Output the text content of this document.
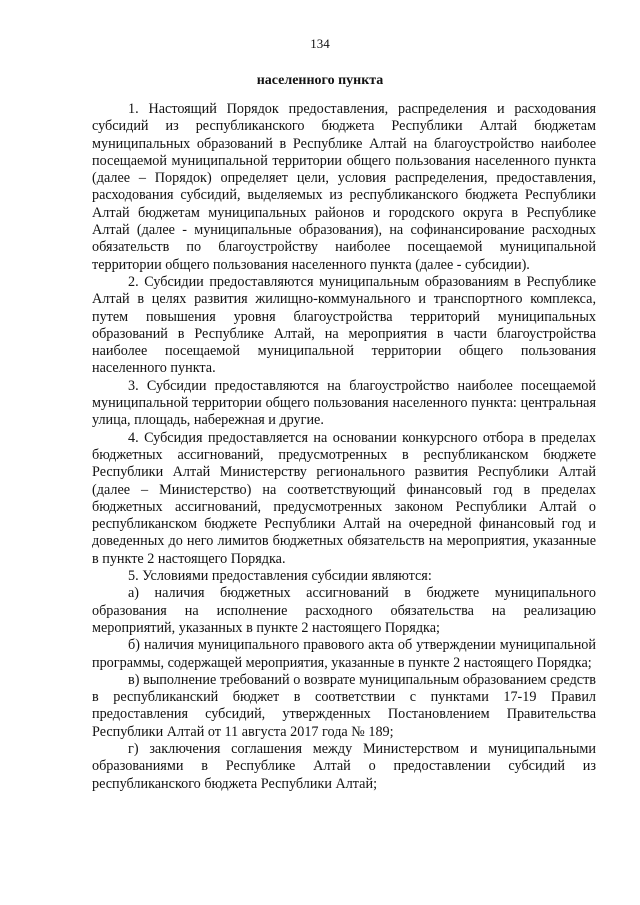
134
населенного пункта

1. Настоящий Порядок предоставления, распределения и расходования субсидий из республиканского бюджета Республики Алтай бюджетам муниципальных образований в Республике Алтай на благоустройство наиболее посещаемой муниципальной территории общего пользования населенного пункта (далее – Порядок) определяет цели, условия распределения, предоставления, расходования субсидий, выделяемых из республиканского бюджета Республики Алтай бюджетам муниципальных районов и городского округа в Республике Алтай (далее - муниципальные образования), на софинансирование расходных обязательств по благоустройству наиболее посещаемой муниципальной территории общего пользования населенного пункта (далее - субсидии).

2. Субсидии предоставляются муниципальным образованиям в Республике Алтай в целях развития жилищно-коммунального и транспортного комплекса, путем повышения уровня благоустройства территорий муниципальных образований в Республике Алтай, на мероприятия в части благоустройства наиболее посещаемой муниципальной территории общего пользования населенного пункта.

3. Субсидии предоставляются на благоустройство наиболее посещаемой муниципальной территории общего пользования населенного пункта: центральная улица, площадь, набережная и другие.

4. Субсидия предоставляется на основании конкурсного отбора в пределах бюджетных ассигнований, предусмотренных в республиканском бюджете Республики Алтай Министерству регионального развития Республики Алтай (далее – Министерство) на соответствующий финансовый год в пределах бюджетных ассигнований, предусмотренных законом Республики Алтай о республиканском бюджете Республики Алтай на очередной финансовый год и доведенных до него лимитов бюджетных обязательств на мероприятия, указанные в пункте 2 настоящего Порядка.

5. Условиями предоставления субсидии являются:

а) наличия бюджетных ассигнований в бюджете муниципального образования на исполнение расходного обязательства на реализацию мероприятий, указанных в пункте 2 настоящего Порядка;

б) наличия муниципального правового акта об утверждении муниципальной программы, содержащей мероприятия, указанные в пункте 2 настоящего Порядка;

в) выполнение требований о возврате муниципальным образованием средств в республиканский бюджет в соответствии с пунктами 17-19 Правил предоставления субсидий, утвержденных Постановлением Правительства Республики Алтай от 11 августа 2017 года № 189;

г) заключения соглашения между Министерством и муниципальными образованиями в Республике Алтай о предоставлении субсидий из республиканского бюджета Республики Алтай;
